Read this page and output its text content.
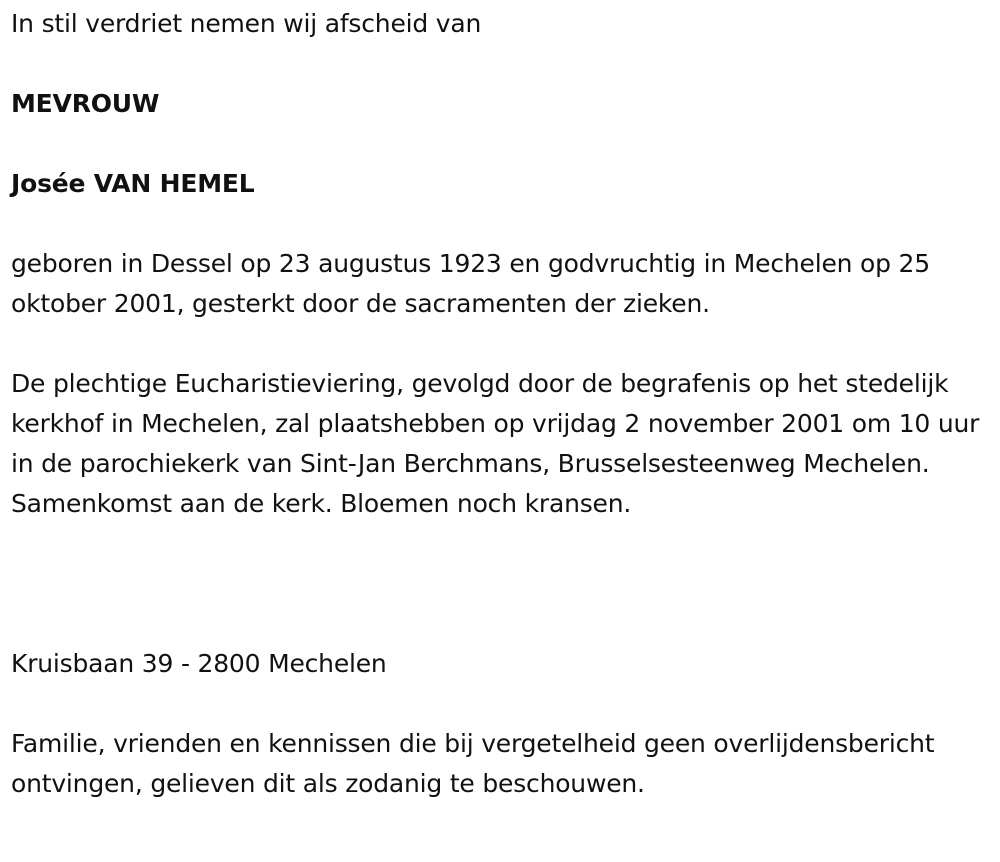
In stil verdriet nemen wij afscheid van

MEVROUW

Josée VAN HEMEL

geboren in Dessel op 23 augustus 1923 en godvruchtig in Mechelen op 25 oktober 2001, gesterkt door de sacramenten der zieken.

De plechtige Eucharistieviering, gevolgd door de begrafenis op het stedelijk kerkhof in Mechelen, zal plaatshebben op vrijdag 2 november 2001 om 10 uur in de parochiekerk van Sint-Jan Berchmans, Brusselsesteenweg Mechelen. Samenkomst aan de kerk. Bloemen noch kransen.

Kruisbaan 39 - 2800 Mechelen

Familie, vrienden en kennissen die bij vergetelheid geen overlijdensbericht ontvingen, gelieven dit als zodanig te beschouwen.
